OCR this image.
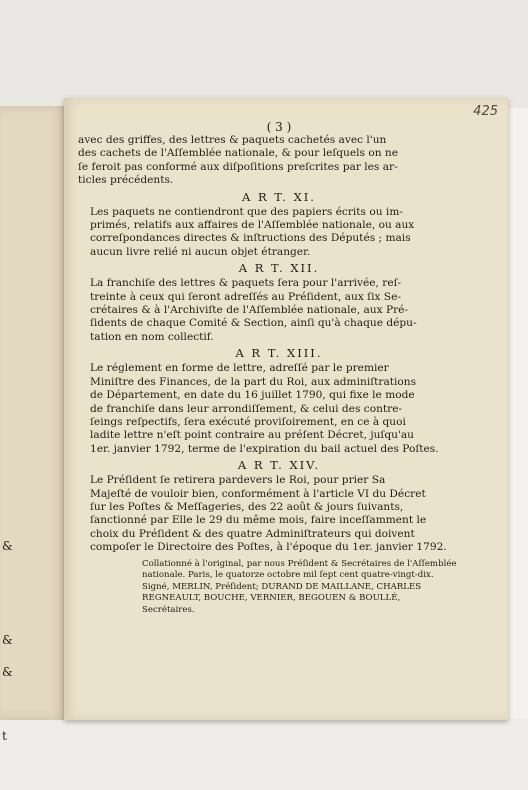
&
&
&
t
425
( 3 )

avec des griffes, des lettres & paquets cachetés avec l'un

des cachets de l'Aſſemblée nationale, & pour leſquels on ne

ſe feroit pas conformé aux diſpoſitions preſcrites par les ar-

ticles précédents.

A R T. XI.

Les paquets ne contiendront que des papiers écrits ou im-

primés, relatifs aux affaires de l'Aſſemblée nationale, ou aux

correſpondances directes & inſtructions des Députés ; mais

aucun livre relié ni aucun objet étranger.

A R T. XII.

La franchiſe des lettres & paquets ſera pour l'arrivée, reſ-

treinte à ceux qui ſeront adreſſés au Préſident, aux ſix Se-

crétaires & à l'Archiviſte de l'Aſſemblée nationale, aux Pré-

ſidents de chaque Comité & Section, ainſi qu'à chaque dépu-

tation en nom collectif.

A R T. XIII.

Le réglement en forme de lettre, adreſſé par le premier

Miniſtre des Finances, de la part du Roi, aux adminiſtrations

de Département, en date du 16 juillet 1790, qui fixe le mode

de franchiſe dans leur arrondiſſement, & celui des contre-

ſeings reſpectifs, ſera exécuté proviſoirement, en ce à quoi

ladite lettre n'eſt point contraire au préſent Décret, juſqu'au

1er. janvier 1792, terme de l'expiration du bail actuel des Poſtes.

A R T. XIV.

Le Préſident ſe retirera pardevers le Roi, pour prier Sa

Majeſté de vouloir bien, conformément à l'article VI du Décret

ſur les Poſtes & Meſſageries, des 22 août & jours ſuivants,

ſanctionné par Elle le 29 du même mois, faire inceſſamment le

choix du Préſident & des quatre Adminiſtrateurs qui doivent

compoſer le Directoire des Poſtes, à l'époque du 1er. janvier 1792.

Collationné à l'original, par nous Préſident & Secrétaires de l'Aſſemblée
nationale. Paris, le quatorze octobre mil ſept cent quatre-vingt-dix.
Signé, MERLIN, Préſident; DURAND DE MAILLANE, CHARLES
REGNEAULT, BOUCHE, VERNIER, BEGOUEN & BOULLÉ,
Secrétaires.
